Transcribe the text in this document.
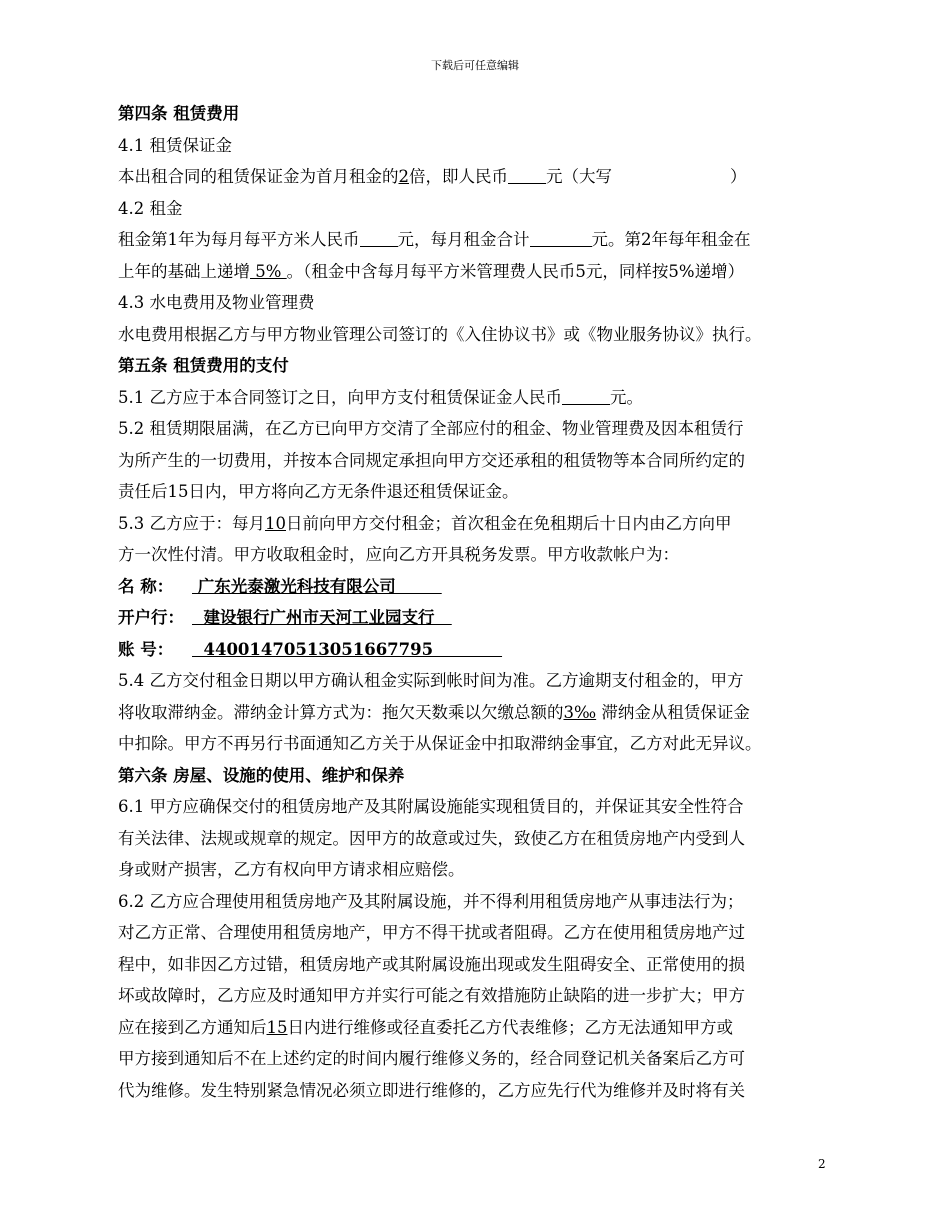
下载后可任意编辑
第四条 租赁费用
4.1 租赁保证金
本出租合同的租赁保证金为首月租金的2倍，即人民币 元（大写	）
4.2 租金
租金第1年为每月每平方米人民币 元，每月租金合计	元。第2年每年租金在
上年的基础上递增 5% 。（租金中含每月每平方米管理费人民币5元，同样按5%递增）
4.3 水电费用及物业管理费
水电费用根据乙方与甲方物业管理公司签订的《入住协议书》或《物业服务协议》执行。
第五条 租赁费用的支付
5.1 乙方应于本合同签订之日，向甲方支付租赁保证金人民币	元。
5.2 租赁期限届满，在乙方已向甲方交清了全部应付的租金、物业管理费及因本租赁行
为所产生的一切费用，并按本合同规定承担向甲方交还承租的租赁物等本合同所约定的
责任后15日内，甲方将向乙方无条件退还租赁保证金。
5.3 乙方应于：每月10日前向甲方交付租金；首次租金在免租期后十日内由乙方向甲
方一次性付清。甲方收取租金时，应向乙方开具税务发票。甲方收款帐户为：
名 称： 广东光泰激光科技有限公司
开户行：  建设银行广州市天河工业园支行
账 号：  44001470513051667795
5.4 乙方交付租金日期以甲方确认租金实际到帐时间为准。乙方逾期支付租金的，甲方
将收取滞纳金。滞纳金计算方式为：拖欠天数乘以欠缴总额的3‰ 滞纳金从租赁保证金
中扣除。甲方不再另行书面通知乙方关于从保证金中扣取滞纳金事宜，乙方对此无异议。
第六条 房屋、设施的使用、维护和保养
6.1 甲方应确保交付的租赁房地产及其附属设施能实现租赁目的，并保证其安全性符合
有关法律、法规或规章的规定。因甲方的故意或过失，致使乙方在租赁房地产内受到人
身或财产损害，乙方有权向甲方请求相应赔偿。
6.2 乙方应合理使用租赁房地产及其附属设施，并不得利用租赁房地产从事违法行为；
对乙方正常、合理使用租赁房地产，甲方不得干扰或者阻碍。乙方在使用租赁房地产过
程中，如非因乙方过错，租赁房地产或其附属设施出现或发生阻碍安全、正常使用的损
坏或故障时，乙方应及时通知甲方并实行可能之有效措施防止缺陷的进一步扩大；甲方
应在接到乙方通知后15日内进行维修或径直委托乙方代表维修；乙方无法通知甲方或
甲方接到通知后不在上述约定的时间内履行维修义务的，经合同登记机关备案后乙方可
代为维修。发生特别紧急情况必须立即进行维修的，乙方应先行代为维修并及时将有关
2
